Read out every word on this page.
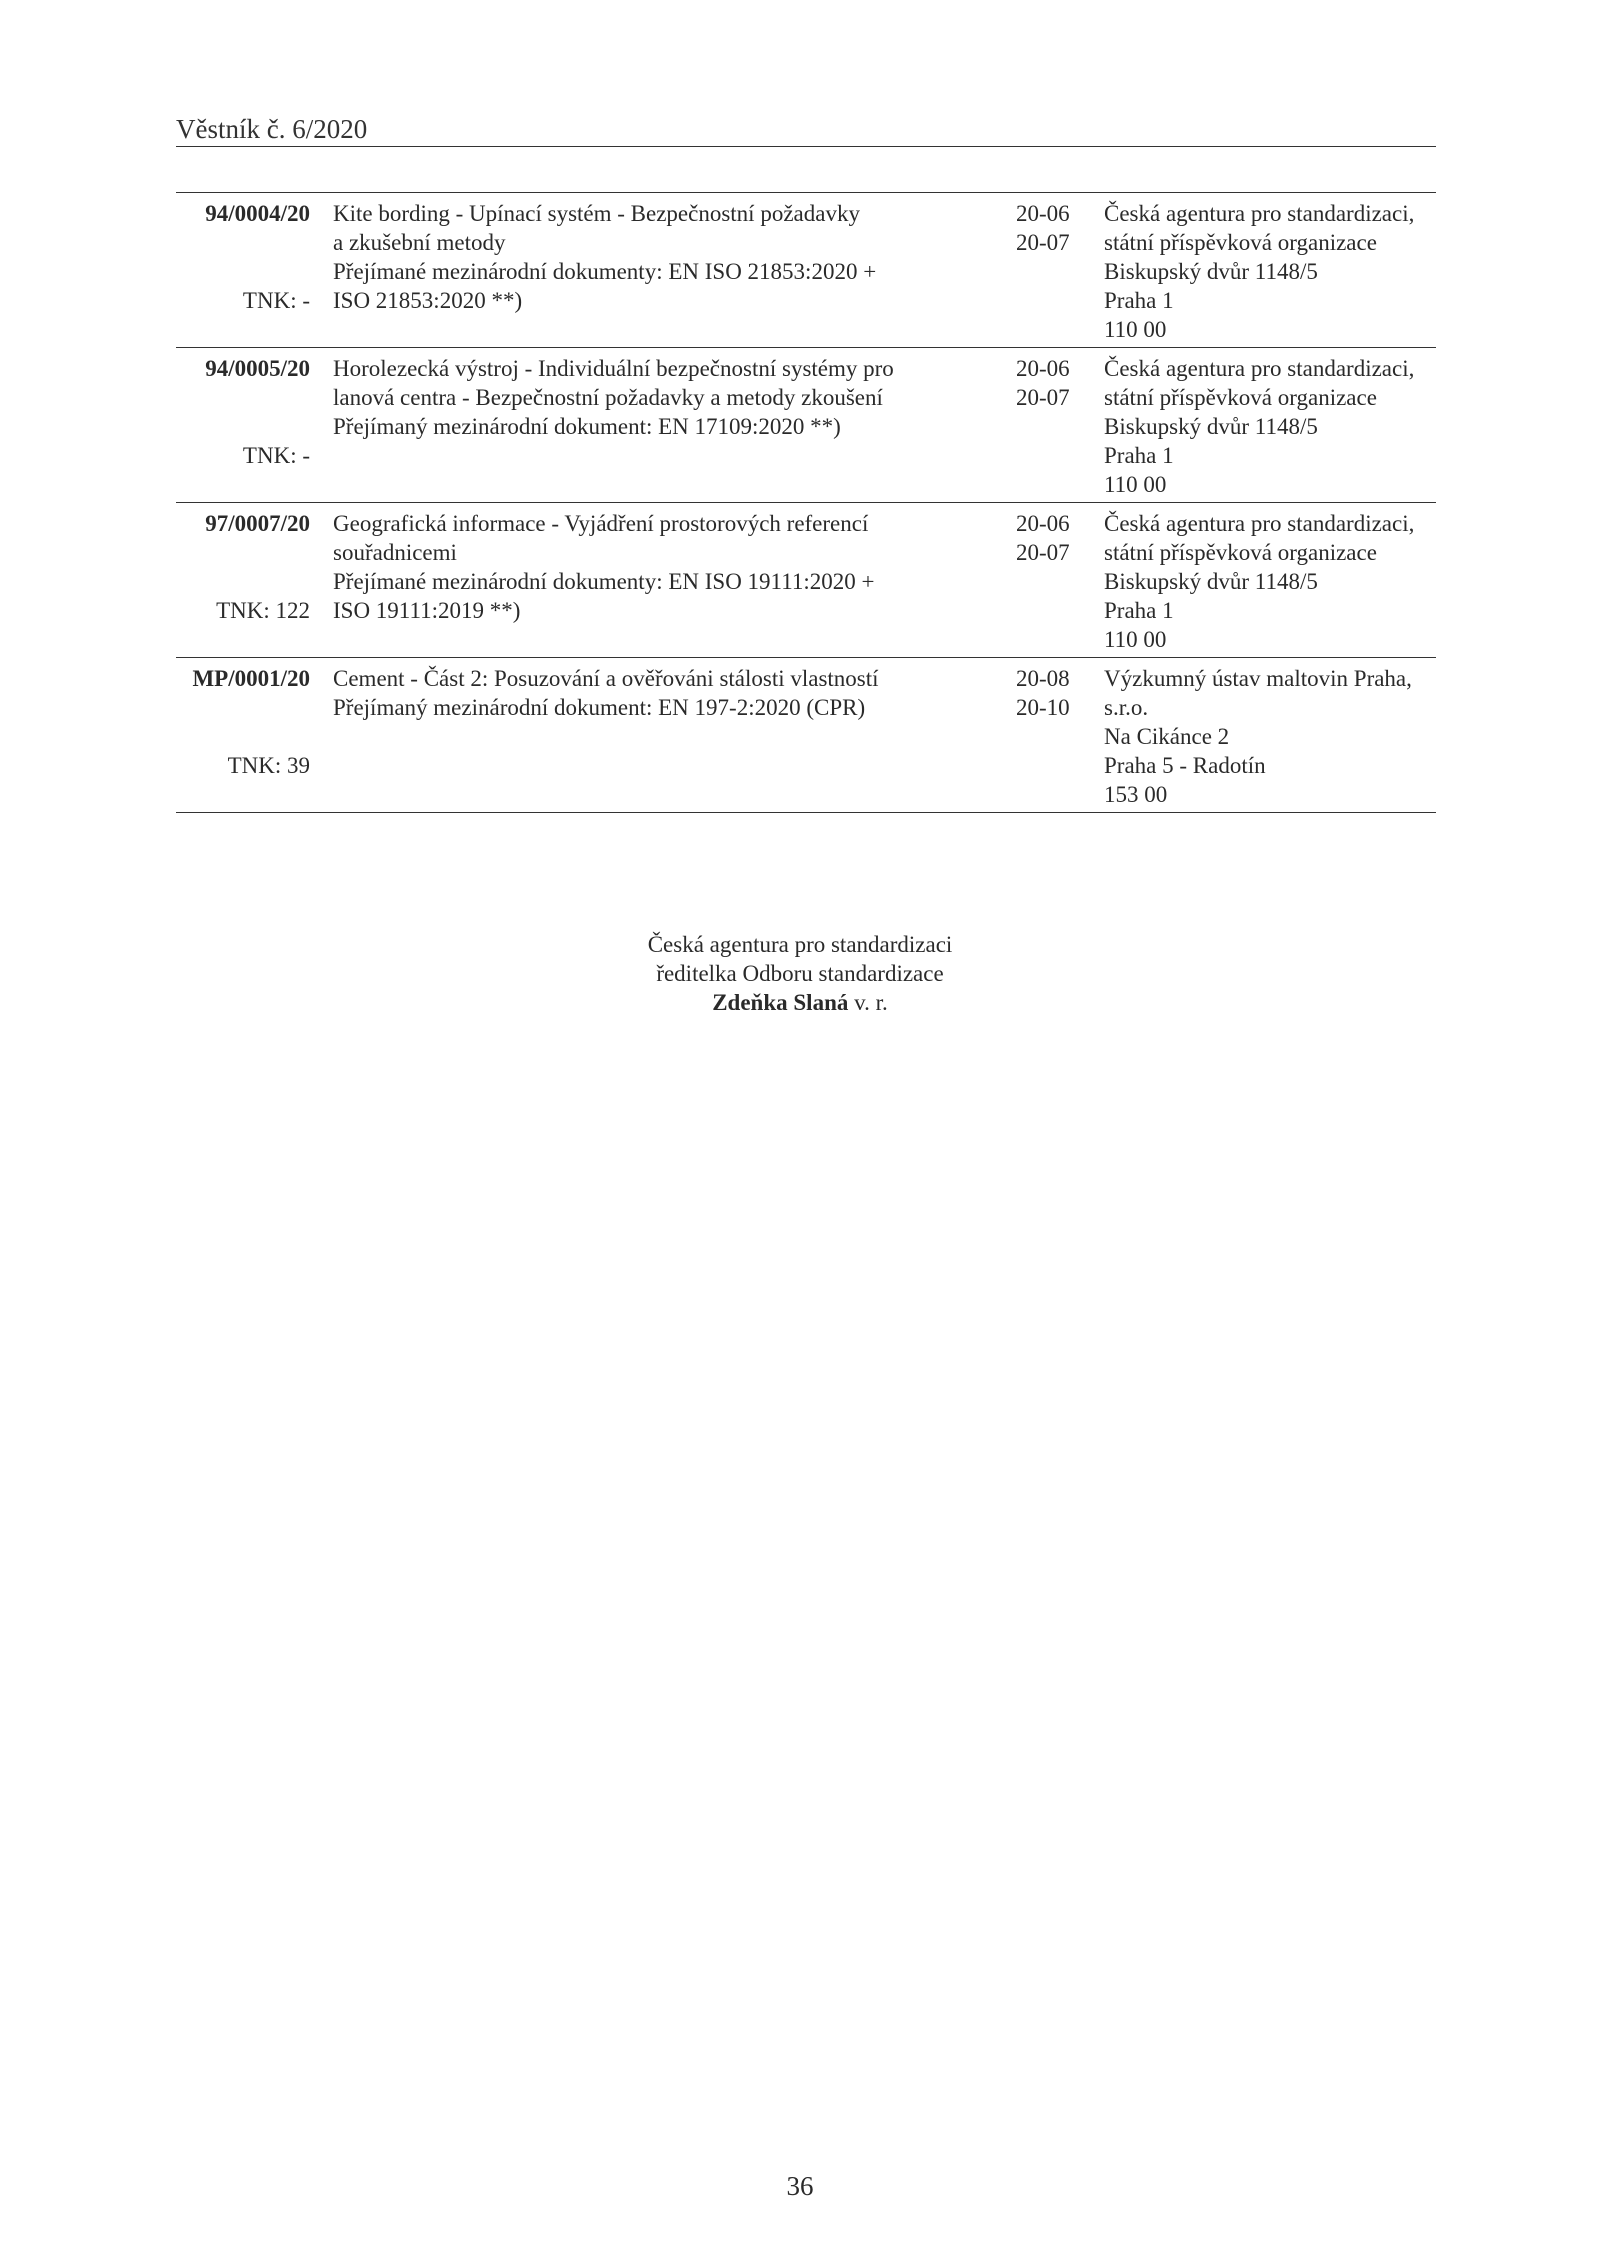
Věstník č. 6/2020
94/0004/20
TNK: -
Kite bording - Upínací systém - Bezpečnostní požadavky
a zkušební metody
Přejímané mezinárodní dokumenty: EN ISO 21853:2020 +
ISO 21853:2020 **)
20-06
20-07
Česká agentura pro standardizaci,
státní příspěvková organizace
Biskupský dvůr 1148/5
Praha 1
110 00
94/0005/20
TNK: -
Horolezecká výstroj - Individuální bezpečnostní systémy pro
lanová centra - Bezpečnostní požadavky a metody zkoušení
Přejímaný mezinárodní dokument: EN 17109:2020 **)
20-06
20-07
Česká agentura pro standardizaci,
státní příspěvková organizace
Biskupský dvůr 1148/5
Praha 1
110 00
97/0007/20
TNK: 122
Geografická informace - Vyjádření prostorových referencí
souřadnicemi
Přejímané mezinárodní dokumenty: EN ISO 19111:2020 +
ISO 19111:2019 **)
20-06
20-07
Česká agentura pro standardizaci,
státní příspěvková organizace
Biskupský dvůr 1148/5
Praha 1
110 00
MP/0001/20
TNK: 39
Cement - Část 2: Posuzování a ověřováni stálosti vlastností
Přejímaný mezinárodní dokument: EN 197-2:2020 (CPR)
20-08
20-10
Výzkumný ústav maltovin Praha,
s.r.o.
Na Cikánce 2
Praha 5 - Radotín
153 00
Česká agentura pro standardizaci
ředitelka Odboru standardizace
Zdeňka Slaná v. r.
36
